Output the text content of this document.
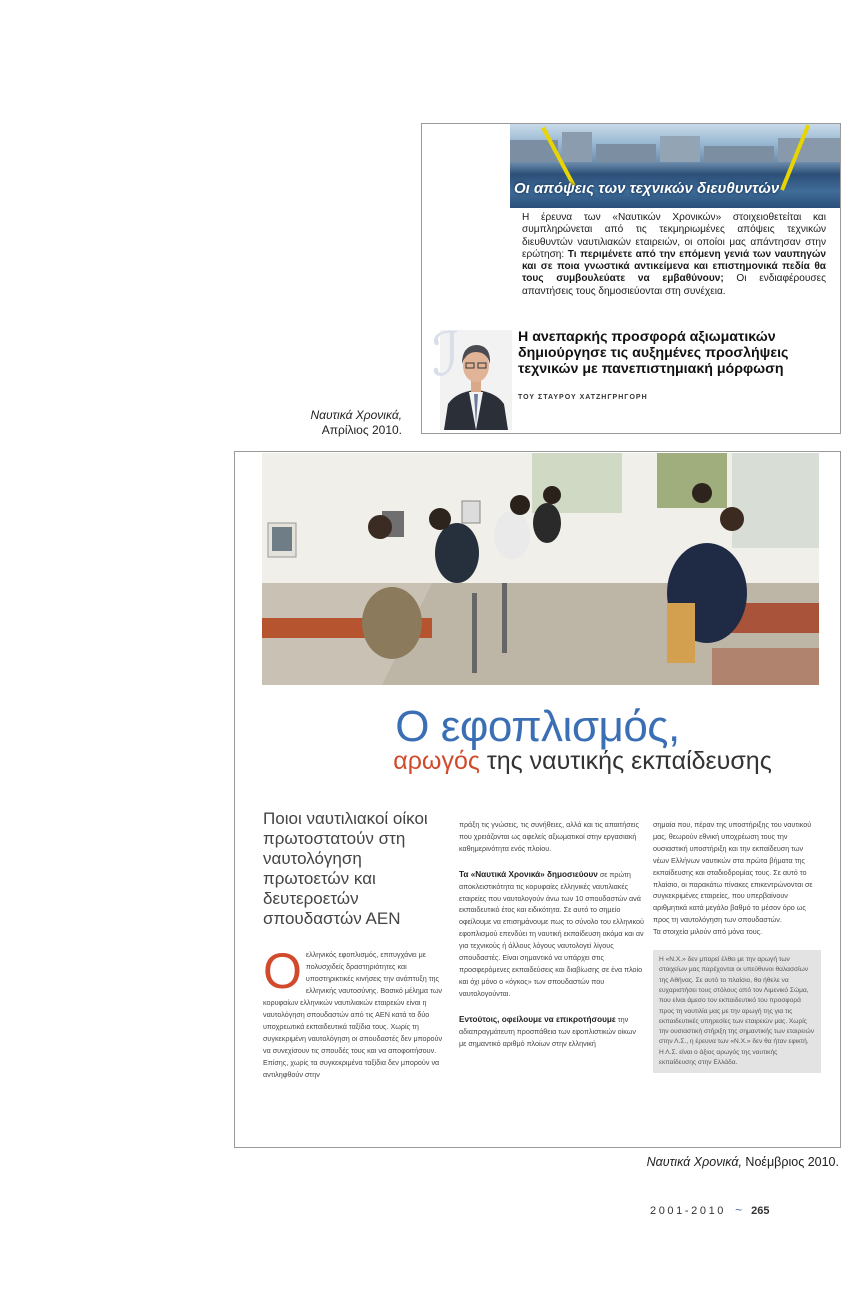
Οι απόψεις των τεχνικών διευθυντών
Η έρευνα των «Ναυτικών Χρονικών» στοιχειοθετείται και συμπληρώνεται από τις τεκμηριωμένες απόψεις τεχνικών διευθυντών ναυτιλιακών εταιρειών, οι οποίοι μας απάντησαν στην ερώτηση: Τι περιμένετε από την επόμενη γενιά των ναυπηγών και σε ποια γνωστικά αντικείμενα και επιστημονικά πεδία θα τους συμβουλεύατε να εμβαθύνουν; Οι ενδιαφέρουσες απαντήσεις τους δημοσιεύονται στη συνέχεια.
ℐ	Η ανεπαρκής προσφορά αξιωματικών δημιούργησε τις αυξημένες προσλήψεις τεχνικών με πανεπιστημιακή μόρφωση
ΤΟΥ ΣΤΑΥΡΟΥ ΧΑΤΖΗΓΡΗΓΟΡΗ
Ναυτικά Χρονικά,
Απρίλιος 2010.
Ο εφοπλισμός,
αρωγός της ναυτικής εκπαίδευσης
Ποιοι ναυτιλιακοί οίκοι πρωτοστατούν στη ναυτολόγηση πρωτοετών και δευτεροετών σπουδαστών ΑΕΝ
Ο ελληνικός εφοπλισμός, επιτυγχάνει με πολυσχιδείς δραστηριότητες και υποστηρικτικές κινήσεις την ανάπτυξη της ελληνικής ναυτοσύνης. Βασικό μέλημα των κορυφαίων ελληνικών ναυτιλιακών εταιρειών είναι η ναυτολόγηση σπουδαστών από τις ΑΕΝ κατά τα δύο υποχρεωτικά εκπαιδευτικά ταξίδια τους. Χωρίς τη συγκεκριμένη ναυτολόγηση οι σπουδαστές δεν μπορούν να συνεχίσουν τις σπουδές τους και να αποφοιτήσουν. Επίσης, χωρίς τα συγκεκριμένα ταξίδια δεν μπορούν να αντιληφθούν στην
πράξη τις γνώσεις, τις συνήθειες, αλλά και τις απαιτήσεις που χρειάζονται ως αφελείς αξιωματικοί στην εργασιακή καθημερινότητα ενός πλοίου.
Τα «Ναυτικά Χρονικά» δημοσιεύουν σε πρώτη αποκλειστικότητα τις κορυφαίες ελληνικές ναυτιλιακές εταιρείες που ναυτολογούν άνω των 10 σπουδαστών ανά εκπαιδευτικό έτος και ειδικότητα. Σε αυτό το σημείο οφείλουμε να επισημάνουμε πως το σύνολο του ελληνικού εφοπλισμού επενδύει τη ναυτική εκπαίδευση ακόμα και αν για τεχνικούς ή άλλους λόγους ναυτολογεί λίγους σπουδαστές. Είναι σημαντικό να υπάρχει στις προσφερόμενες εκπαιδεύσεις και διαβίωσης σε ένα πλοίο και όχι μόνο ο «όγκος» των σπουδαστών που ναυτολογούνται.
Εντούτοις, οφείλουμε να επικροτήσουμε την αδιαπραγμάτευτη προσπάθεια των εφοπλιστικών οίκων με σημαντικό αριθμό πλοίων στην ελληνική
σημαία που, πέραν της υποστήριξης του ναυτικού μας, θεωρούν εθνική υποχρέωση τους την ουσιαστική υποστήριξη και την εκπαίδευση των νέων Ελλήνων ναυτικών στα πρώτα βήματα της εκπαίδευσης και σταδιοδρομίας τους. Σε αυτό το πλαίσιο, οι παρακάτω πίνακες επικεντρώνονται σε συγκεκριμένες εταιρείες, που υπερβαίνουν αριθμητικά κατά μεγάλο βαθμό το μέσον όρο ως προς τη ναυτολόγηση των σπουδαστών.
Τα στοιχεία μιλούν από μόνα τους.
Η «Ν.Χ.» δεν μπορεί έλθει με την αρωγή των στοιχείων μας παρέχονται οι υπεύθυνοι θαλασσίων της Αθήνας. Σε αυτό το πλαίσιο, θα ήθελε να ευχαριστήσει τους στόλους από τον Λιμενικό Σώμα, που είναι άμεσο τον εκπαιδευτικό του προσφορά προς τη ναυτιλία μας με την αρωγή της για τις εκπαιδευτικές υπηρεσίες των εταιρειών μας. Χωρίς την ουσιαστική στήριξη της σημαντικής των εταιρειών στην Λ.Σ., η έρευνα των «Ν.Χ.» δεν θα ήταν εφικτή. Η Λ.Σ. είναι ο άξιος αρωγός της ναυτικής εκπαίδευσης στην Ελλάδα.
Ναυτικά Χρονικά, Νοέμβριος 2010.
2001-2010 ~ 265
